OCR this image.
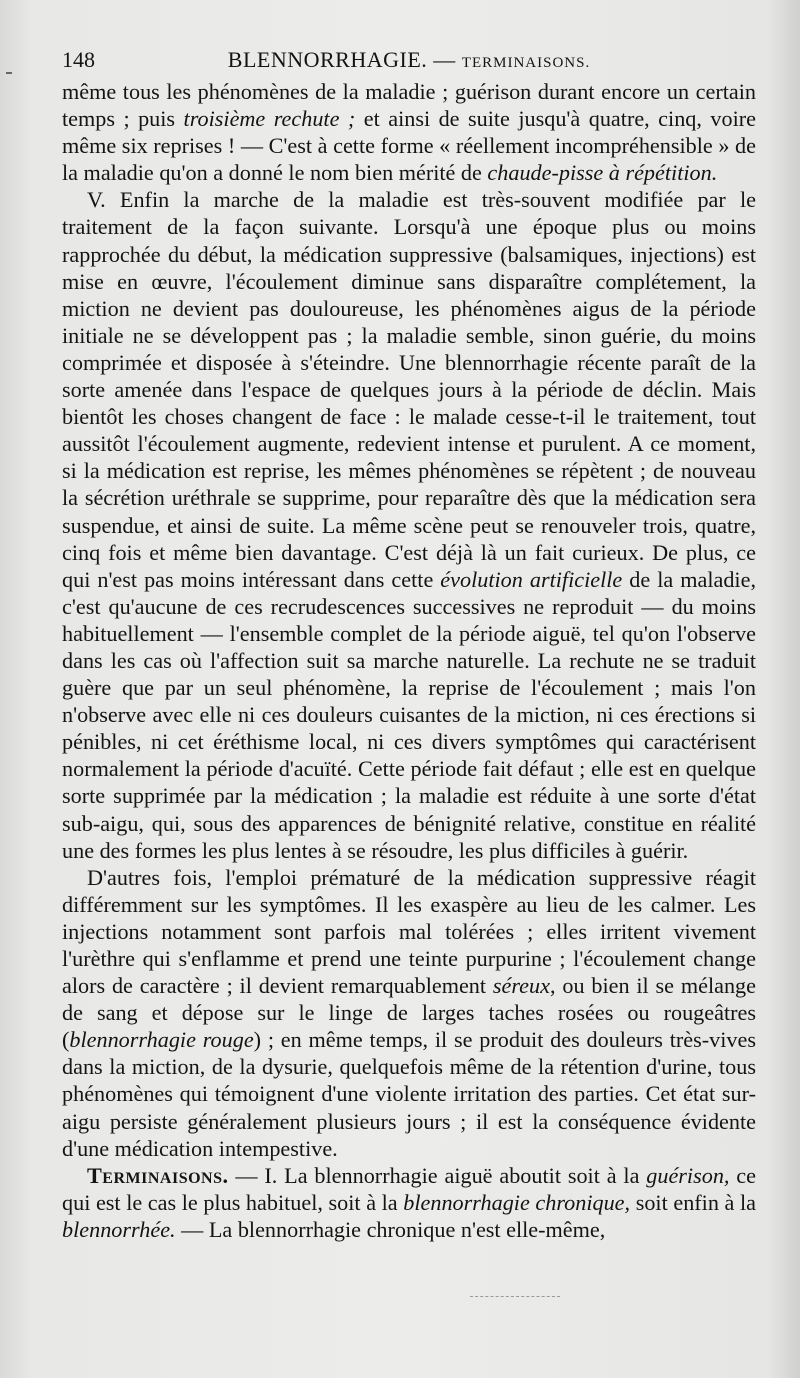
148	BLENNORRHAGIE. — TERMINAISONS.

même tous les phénomènes de la maladie ; guérison durant encore un certain temps ; puis troisième rechute ; et ainsi de suite jusqu'à quatre, cinq, voire même six reprises ! — C'est à cette forme « réellement incompréhensible » de la maladie qu'on a donné le nom bien mérité de chaude-pisse à répétition.

V. Enfin la marche de la maladie est très-souvent modifiée par le traitement de la façon suivante. Lorsqu'à une époque plus ou moins rapprochée du début, la médication suppressive (balsamiques, injections) est mise en œuvre, l'écoulement diminue sans disparaître complétement, la miction ne devient pas douloureuse, les phénomènes aigus de la période initiale ne se développent pas ; la maladie semble, sinon guérie, du moins comprimée et disposée à s'éteindre. Une blennorrhagie récente paraît de la sorte amenée dans l'espace de quelques jours à la période de déclin. Mais bientôt les choses changent de face : le malade cesse-t-il le traitement, tout aussitôt l'écoulement augmente, redevient intense et purulent. A ce moment, si la médication est reprise, les mêmes phénomènes se répètent ; de nouveau la sécrétion uréthrale se supprime, pour reparaître dès que la médication sera suspendue, et ainsi de suite. La même scène peut se renouveler trois, quatre, cinq fois et même bien davantage. C'est déjà là un fait curieux. De plus, ce qui n'est pas moins intéressant dans cette évolution artificielle de la maladie, c'est qu'aucune de ces recrudescences successives ne reproduit — du moins habituellement — l'ensemble complet de la période aiguë, tel qu'on l'observe dans les cas où l'affection suit sa marche naturelle. La rechute ne se traduit guère que par un seul phénomène, la reprise de l'écoulement ; mais l'on n'observe avec elle ni ces douleurs cuisantes de la miction, ni ces érections si pénibles, ni cet éréthisme local, ni ces divers symptômes qui caractérisent normalement la période d'acuïté. Cette période fait défaut ; elle est en quelque sorte supprimée par la médication ; la maladie est réduite à une sorte d'état sub-aigu, qui, sous des apparences de bénignité relative, constitue en réalité une des formes les plus lentes à se résoudre, les plus difficiles à guérir.

D'autres fois, l'emploi prématuré de la médication suppressive réagit différemment sur les symptômes. Il les exaspère au lieu de les calmer. Les injections notamment sont parfois mal tolérées ; elles irritent vivement l'urèthre qui s'enflamme et prend une teinte purpurine ; l'écoulement change alors de caractère ; il devient remarquablement séreux, ou bien il se mélange de sang et dépose sur le linge de larges taches rosées ou rougeâtres (blennorrhagie rouge) ; en même temps, il se produit des douleurs très-vives dans la miction, de la dysurie, quelquefois même de la rétention d'urine, tous phénomènes qui témoignent d'une violente irritation des parties. Cet état sur-aigu persiste généralement plusieurs jours ; il est la conséquence évidente d'une médication intempestive.

Terminaisons. — I. La blennorrhagie aiguë aboutit soit à la guérison, ce qui est le cas le plus habituel, soit à la blennorrhagie chronique, soit enfin à la blennorrhée. — La blennorrhagie chronique n'est elle-même,
